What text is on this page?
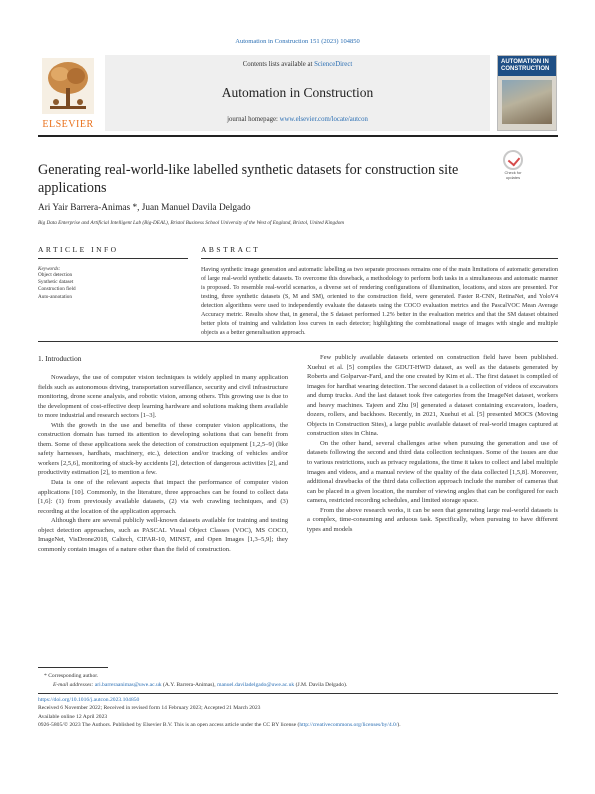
Automation in Construction 151 (2023) 104850
ELSEVIER
Contents lists available at ScienceDirect
Automation in Construction
journal homepage: www.elsevier.com/locate/autcon
AUTOMATION IN
CONSTRUCTION
Generating real-world-like labelled synthetic datasets for construction site applications
Check for updates
Ari Yair Barrera-Animas *, Juan Manuel Davila Delgado
Big Data Enterprise and Artificial Intelligent Lab (Big-DEAL), Bristol Business School University of the West of England, Bristol, United Kingdom
ARTICLE INFO	ABSTRACT
Keywords:
Object detection
Synthetic dataset
Construction field
Auto-annotation
Having synthetic image generation and automatic labelling as two separate processes remains one of the main limitations of automatic generation of large real-world synthetic datasets. To overcome this drawback, a methodology to perform both tasks in a simultaneous and automatic manner is proposed. To resemble real-world scenarios, a diverse set of rendering configurations of illumination, locations, and sizes are presented. For testing, three synthetic datasets (S, M and SM), oriented to the construction field, were generated. Faster R-CNN, RetinaNet, and YoloV4 detection algorithms were used to independently evaluate the datasets using the COCO evaluation metrics and the PascalVOC Mean Average Accuracy metric. Results show that, in general, the S dataset performed 1.2% better in the evaluation metrics and that the SM dataset obtained better plots of training and validation loss curves in each detector; highlighting the combinational usage of images with single and multiple objects as a better generalisation approach.
1. Introduction

Nowadays, the use of computer vision techniques is widely applied in many application fields such as autonomous driving, transportation surveillance, security and civil infrastructure monitoring, drone scene analysis, and robotic vision, among others. This growing use is due to the development of cost-effective deep learning hardware and solutions making them available to more industrial and research sectors [1–3].

With the growth in the use and benefits of these computer vision applications, the construction domain has turned its attention to developing solutions that can benefit from them. Some of these applications seek the detection of construction equipment [1,2,5–9] (like safety harnesses, hardhats, machinery, etc.), detection and/or tracking of vehicles and/or workers [2,5,6], monitoring of stuck-by accidents [2], detection of dangerous activities [2], and productivity estimation [2], to mention a few.

Data is one of the relevant aspects that impact the performance of computer vision applications [10]. Commonly, in the literature, three approaches can be found to collect data [1,6]: (1) from previously available datasets, (2) via web crawling techniques, and (3) recording at the location of the application approach.

Although there are several publicly well-known datasets available for training and testing object detection approaches, such as PASCAL Visual Object Classes (VOC), MS COCO, ImageNet, VisDrone2018, Caltech, CIFAR-10, MINST, and Open Images [1,3–5,9]; they commonly contain images of a nature other than the field of construction.

Few publicly available datasets oriented on construction field have been published. Xuehui et al. [5] compiles the GDUT-HWD dataset, as well as the datasets generated by Roberts and Golparvar-Fard, and the one created by Kim et al.. The first dataset is compiled of images for hardhat wearing detection. The second dataset is a collection of videos of excavators and dump trucks. And the last dataset took five categories from the ImageNet dataset, workers and heavy machines. Tajeen and Zhu [9] generated a dataset containing excavators, loaders, dozers, rollers, and backhoes. Recently, in 2021, Xuehui et al. [5] presented MOCS (Moving Objects in Construction Sites), a large public available dataset of real-world images captured at construction sites in China.

On the other hand, several challenges arise when pursuing the generation and use of datasets following the second and third data collection techniques. Some of the issues are due to various restrictions, such as privacy regulations, the time it takes to collect and label multiple images and videos, and a manual review of the quality of the data collected [1,5,8]. Moreover, additional drawbacks of the third data collection approach include the number of cameras that can be placed in a given location, the number of viewing angles that can be configured for each camera, restricted recording schedules, and limited storage space.

From the above research works, it can be seen that generating large real-world datasets is a complex, time-consuming and arduous task. Specifically, when pursuing to have different types and models

* Corresponding author.
E-mail addresses: ari.barreraanimas@uwe.ac.uk (A.Y. Barrera-Animas), manuel.daviladelgado@uwe.ac.uk (J.M. Davila Delgado).
https://doi.org/10.1016/j.autcon.2023.104850
Received 6 November 2022; Received in revised form 14 February 2023; Accepted 21 March 2023
Available online 12 April 2023
0926-5805/© 2023 The Authors. Published by Elsevier B.V. This is an open access article under the CC BY license (http://creativecommons.org/licenses/by/4.0/).
